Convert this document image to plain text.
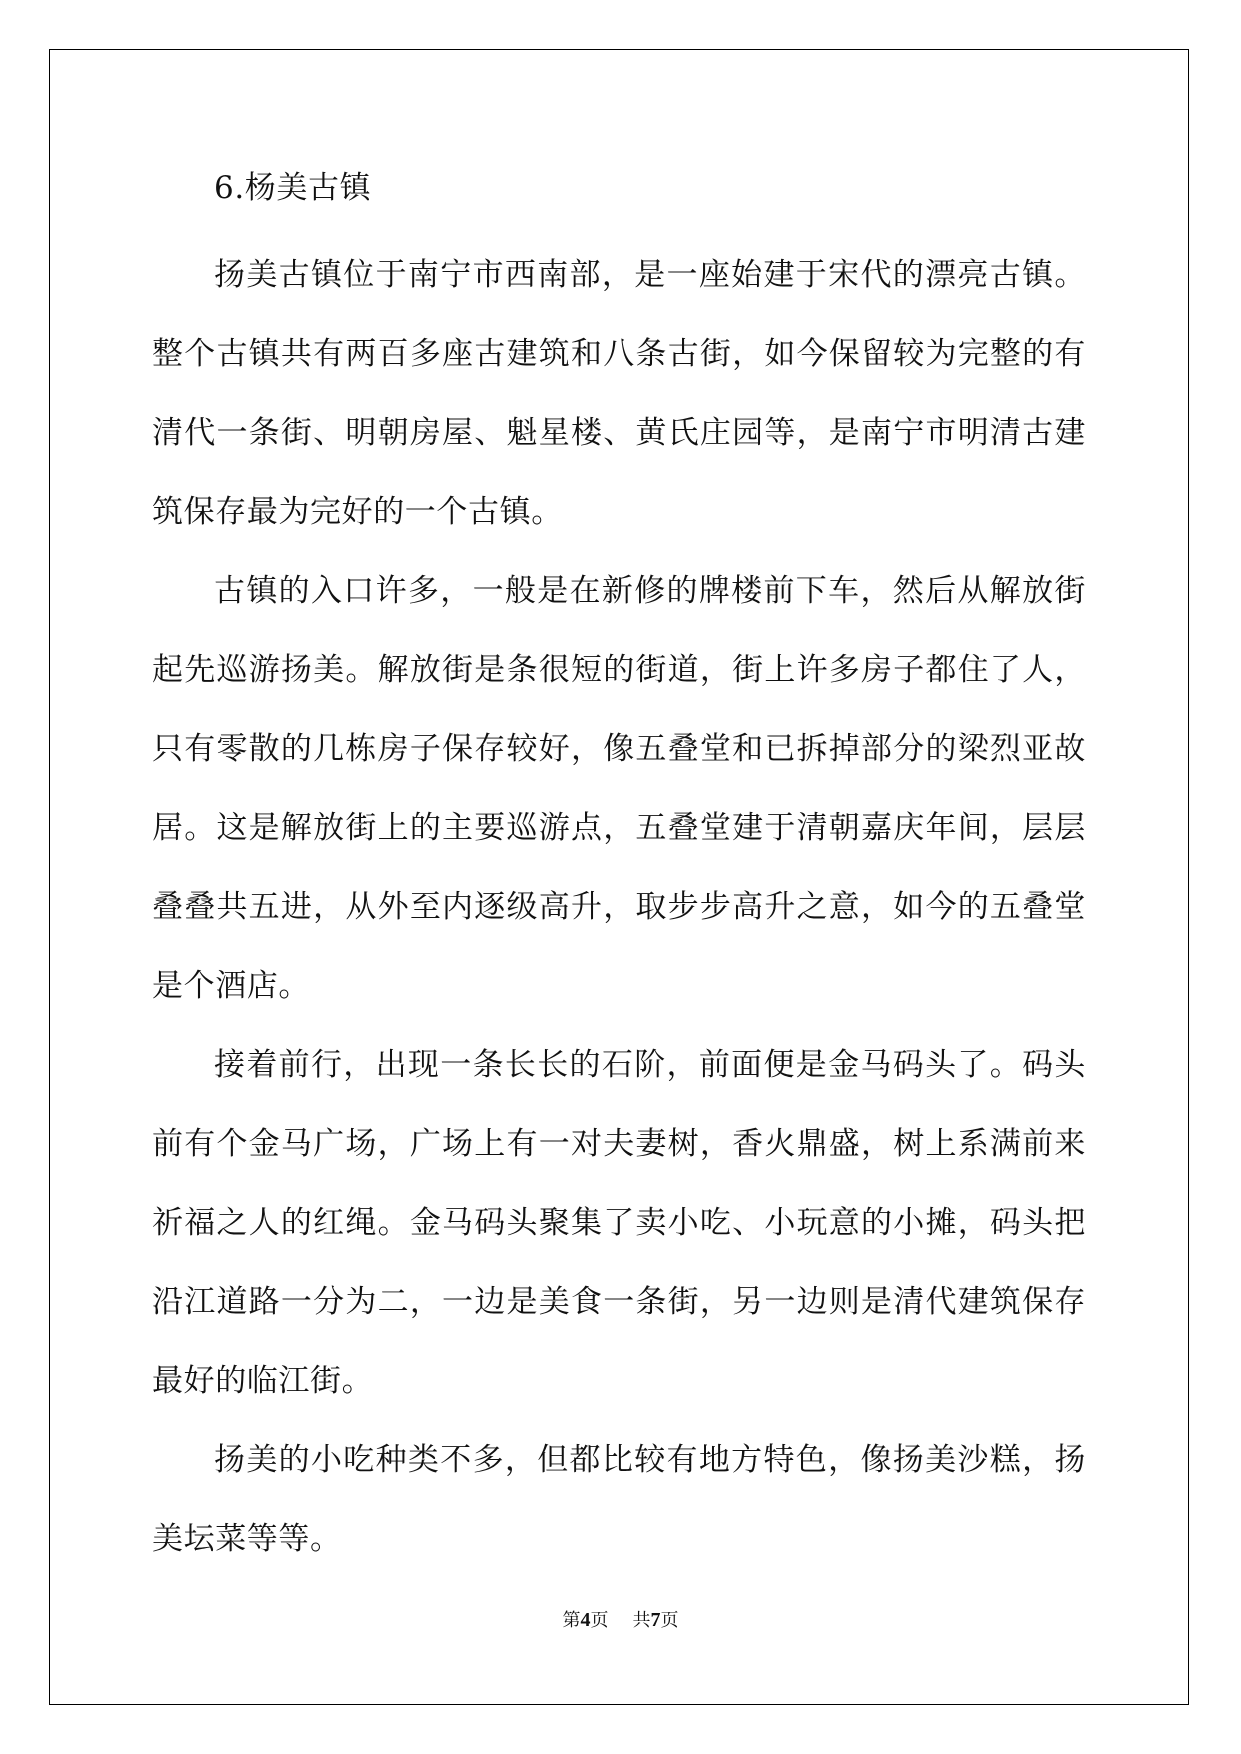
6.杨美古镇

扬美古镇位于南宁市西南部，是一座始建于宋代的漂亮古镇。整个古镇共有两百多座古建筑和八条古街，如今保留较为完整的有清代一条街、明朝房屋、魁星楼、黄氏庄园等，是南宁市明清古建筑保存最为完好的一个古镇。

古镇的入口许多，一般是在新修的牌楼前下车，然后从解放街起先巡游扬美。解放街是条很短的街道，街上许多房子都住了人，只有零散的几栋房子保存较好，像五叠堂和已拆掉部分的梁烈亚故居。这是解放街上的主要巡游点，五叠堂建于清朝嘉庆年间，层层叠叠共五进，从外至内逐级高升，取步步高升之意，如今的五叠堂是个酒店。

接着前行，出现一条长长的石阶，前面便是金马码头了。码头前有个金马广场，广场上有一对夫妻树，香火鼎盛，树上系满前来祈福之人的红绳。金马码头聚集了卖小吃、小玩意的小摊，码头把沿江道路一分为二，一边是美食一条街，另一边则是清代建筑保存最好的临江街。

扬美的小吃种类不多，但都比较有地方特色，像扬美沙糕，扬美坛菜等等。

第4页 共7页
